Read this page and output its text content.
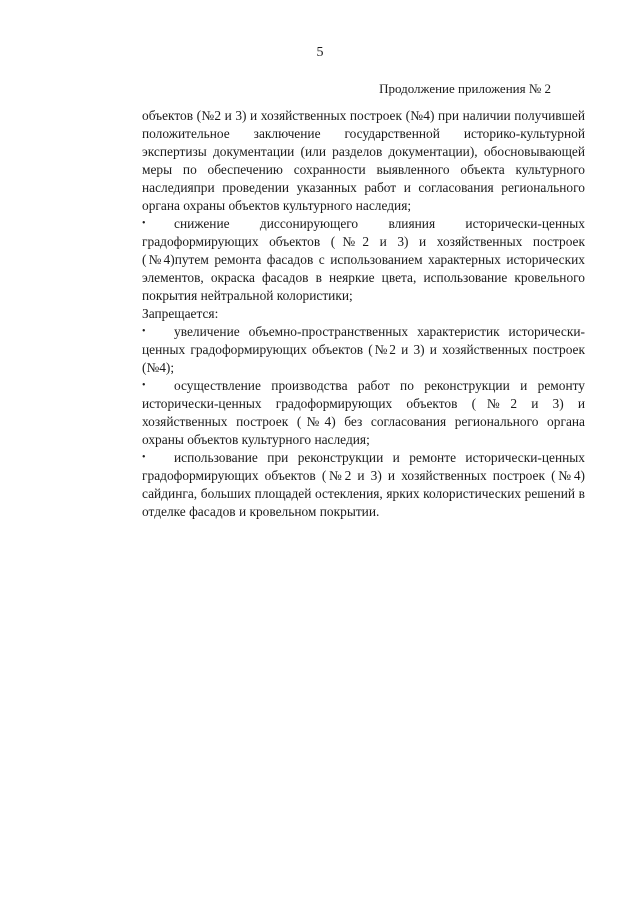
5
Продолжение приложения № 2

объектов (№2 и 3) и хозяйственных построек (№4) при наличии получившей положительное заключение государственной историко-культурной экспертизы документации (или разделов документации), обосновывающей меры по обеспечению сохранности выявленного объекта культурного наследияпри проведении указанных работ и согласования регионального органа охраны объектов культурного наследия;

•	снижение диссонирующего влияния исторически-ценных градоформирующих объектов (№2 и 3) и хозяйственных построек (№4)путем ремонта фасадов с использованием характерных исторических элементов, окраска фасадов в неяркие цвета, использование кровельного покрытия нейтральной колористики;

Запрещается:

•	увеличение объемно-пространственных характеристик исторически-ценных градоформирующих объектов (№2 и 3) и хозяйственных построек (№4);

•	осуществление производства работ по реконструкции и ремонту исторически-ценных градоформирующих объектов (№2 и 3) и хозяйственных построек (№4) без согласования регионального органа охраны объектов культурного наследия;

•	использование при реконструкции и ремонте исторически-ценных градоформирующих объектов (№2 и 3) и хозяйственных построек (№4) сайдинга, больших площадей остекления, ярких колористических решений в отделке фасадов и кровельном покрытии.
